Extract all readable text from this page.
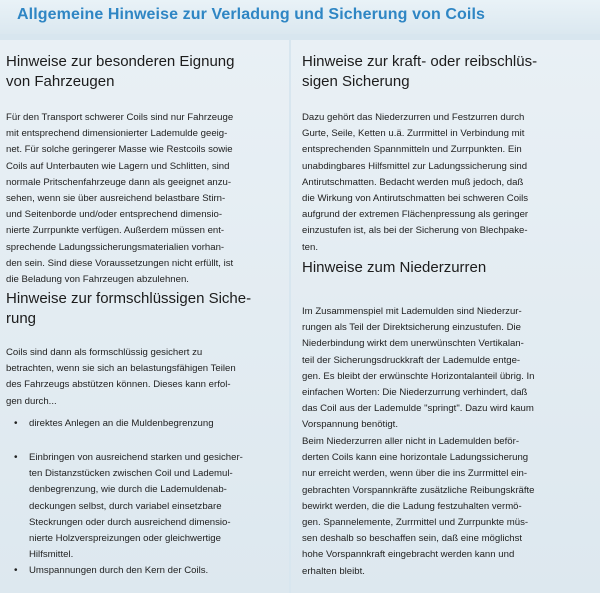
Allgemeine Hinweise zur Verladung und Sicherung von Coils
Hinweise zur besonderen Eignung
von Fahrzeugen

Für den Transport schwerer Coils sind nur Fahrzeuge
mit entsprechend dimensionierter Lademulde geeig-
net. Für solche geringerer Masse wie Restcoils sowie
Coils auf Unterbauten wie Lagern und Schlitten, sind
normale Pritschenfahrzeuge dann als geeignet anzu-
sehen, wenn sie über ausreichend belastbare Stirn-
und Seitenborde und/oder entsprechend dimensio-
nierte Zurrpunkte verfügen. Außerdem müssen ent-
sprechende Ladungssicherungsmaterialien vorhan-
den sein. Sind diese Voraussetzungen nicht erfüllt, ist
die Beladung von Fahrzeugen abzulehnen.

Hinweise zur formschlüssigen Siche-
rung

Coils sind dann als formschlüssig gesichert zu
betrachten, wenn sie sich an belastungsfähigen Teilen
des Fahrzeugs abstützen können. Dieses kann erfol-
gen durch...

• direktes Anlegen an die Muldenbegrenzung
• Einbringen von ausreichend starken und gesicher-
ten Distanzstücken zwischen Coil und Lademul-
denbegrenzung, wie durch die Lademuldenab-
deckungen selbst, durch variabel einsetzbare
Steckrungen oder durch ausreichend dimensio-
nierte Holzverspreizungen oder gleichwertige
Hilfsmittel.
• Umspannungen durch den Kern der Coils.
Hinweise zur kraft- oder reibschlüs-
sigen Sicherung

Dazu gehört das Niederzurren und Festzurren durch
Gurte, Seile, Ketten u.ä. Zurrmittel in Verbindung mit
entsprechenden Spannmitteln und Zurrpunkten. Ein
unabdingbares Hilfsmittel zur Ladungssicherung sind
Antirutschmatten. Bedacht werden muß jedoch, daß
die Wirkung von Antirutschmatten bei schweren Coils
aufgrund der extremen Flächenpressung als geringer
einzustufen ist, als bei der Sicherung von Blechpake-
ten.

Hinweise zum Niederzurren

Im Zusammenspiel mit Lademulden sind Niederzur-
rungen als Teil der Direktsicherung einzustufen. Die
Niederbindung wirkt dem unerwünschten Vertikalan-
teil der Sicherungsdruckkraft der Lademulde entge-
gen. Es bleibt der erwünschte Horizontalanteil übrig. In
einfachen Worten: Die Niederzurrung verhindert, daß
das Coil aus der Lademulde "springt". Dazu wird kaum
Vorspannung benötigt.

Beim Niederzurren aller nicht in Lademulden beför-
derten Coils kann eine horizontale Ladungssicherung
nur erreicht werden, wenn über die ins Zurrmittel ein-
gebrachten Vorspannkräfte zusätzliche Reibungskräfte
bewirkt werden, die die Ladung festzuhalten vermö-
gen. Spannelemente, Zurrmittel und Zurrpunkte müs-
sen deshalb so beschaffen sein, daß eine möglichst
hohe Vorspannkraft eingebracht werden kann und
erhalten bleibt.
